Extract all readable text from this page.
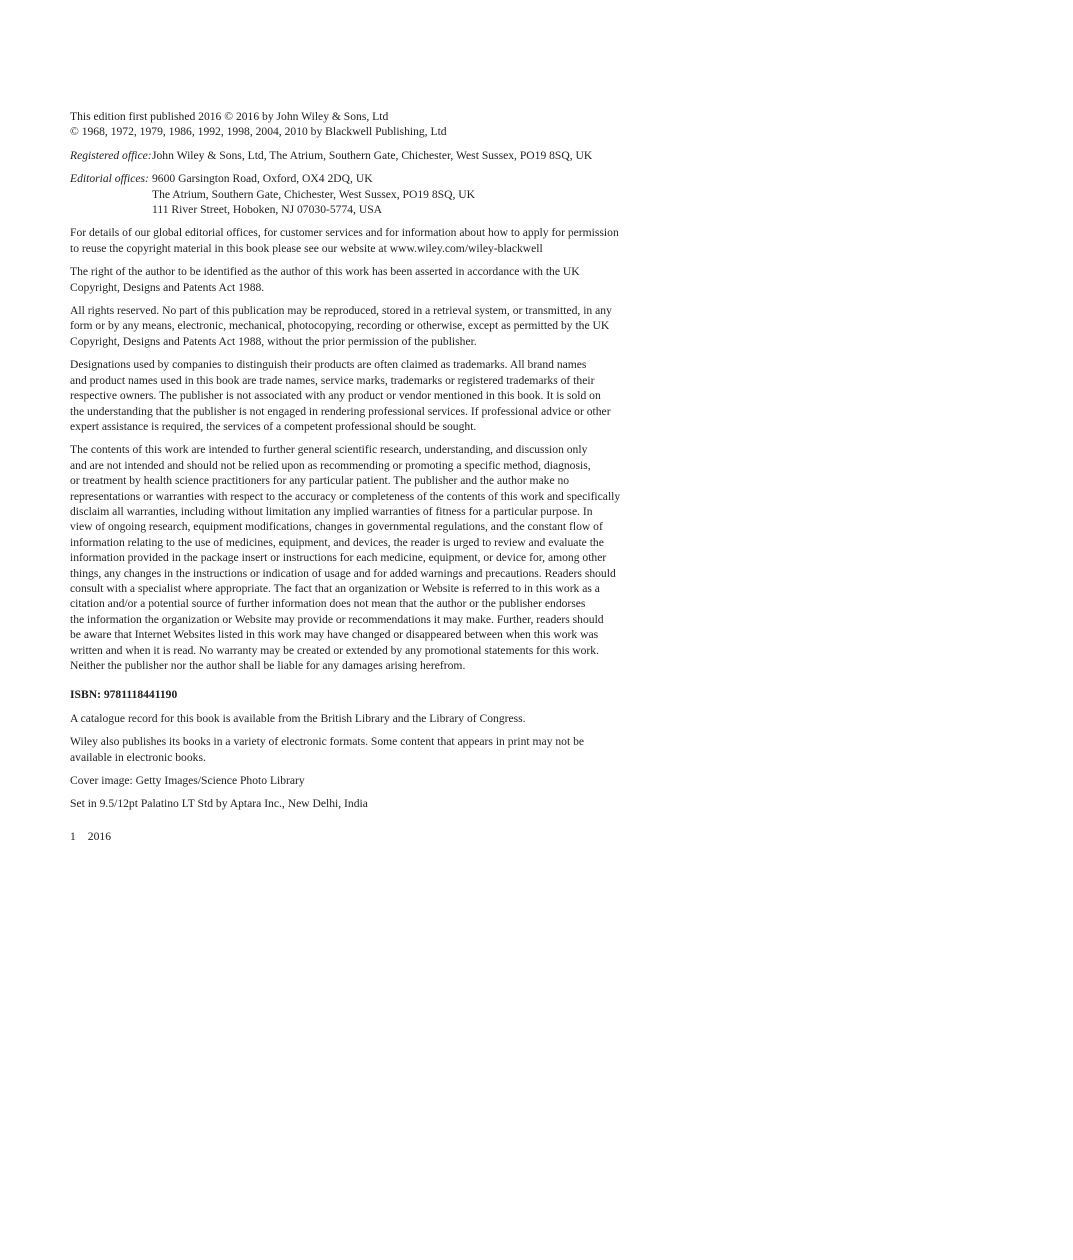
This edition first published 2016 © 2016 by John Wiley & Sons, Ltd
© 1968, 1972, 1979, 1986, 1992, 1998, 2004, 2010 by Blackwell Publishing, Ltd
Registered office: John Wiley & Sons, Ltd, The Atrium, Southern Gate, Chichester, West Sussex, PO19 8SQ, UK
Editorial offices: 9600 Garsington Road, Oxford, OX4 2DQ, UK
The Atrium, Southern Gate, Chichester, West Sussex, PO19 8SQ, UK
111 River Street, Hoboken, NJ 07030-5774, USA
For details of our global editorial offices, for customer services and for information about how to apply for permission
to reuse the copyright material in this book please see our website at www.wiley.com/wiley-blackwell
The right of the author to be identified as the author of this work has been asserted in accordance with the UK
Copyright, Designs and Patents Act 1988.
All rights reserved. No part of this publication may be reproduced, stored in a retrieval system, or transmitted, in any
form or by any means, electronic, mechanical, photocopying, recording or otherwise, except as permitted by the UK
Copyright, Designs and Patents Act 1988, without the prior permission of the publisher.
Designations used by companies to distinguish their products are often claimed as trademarks. All brand names
and product names used in this book are trade names, service marks, trademarks or registered trademarks of their
respective owners. The publisher is not associated with any product or vendor mentioned in this book. It is sold on
the understanding that the publisher is not engaged in rendering professional services. If professional advice or other
expert assistance is required, the services of a competent professional should be sought.
The contents of this work are intended to further general scientific research, understanding, and discussion only
and are not intended and should not be relied upon as recommending or promoting a specific method, diagnosis,
or treatment by health science practitioners for any particular patient. The publisher and the author make no
representations or warranties with respect to the accuracy or completeness of the contents of this work and specifically
disclaim all warranties, including without limitation any implied warranties of fitness for a particular purpose. In
view of ongoing research, equipment modifications, changes in governmental regulations, and the constant flow of
information relating to the use of medicines, equipment, and devices, the reader is urged to review and evaluate the
information provided in the package insert or instructions for each medicine, equipment, or device for, among other
things, any changes in the instructions or indication of usage and for added warnings and precautions. Readers should
consult with a specialist where appropriate. The fact that an organization or Website is referred to in this work as a
citation and/or a potential source of further information does not mean that the author or the publisher endorses
the information the organization or Website may provide or recommendations it may make. Further, readers should
be aware that Internet Websites listed in this work may have changed or disappeared between when this work was
written and when it is read. No warranty may be created or extended by any promotional statements for this work.
Neither the publisher nor the author shall be liable for any damages arising herefrom.
ISBN: 9781118441190
A catalogue record for this book is available from the British Library and the Library of Congress.
Wiley also publishes its books in a variety of electronic formats. Some content that appears in print may not be
available in electronic books.
Cover image: Getty Images/Science Photo Library
Set in 9.5/12pt Palatino LT Std by Aptara Inc., New Delhi, India
1 2016
